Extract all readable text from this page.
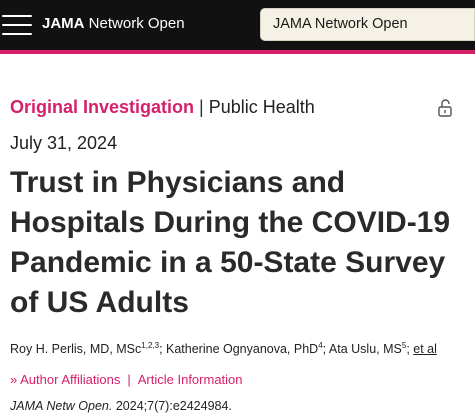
JAMA Network Open	JAMA Network Open
Original Investigation | Public Health
July 31, 2024
Trust in Physicians and Hospitals During the COVID-19 Pandemic in a 50-State Survey of US Adults
Roy H. Perlis, MD, MSc$^{1,2,3}$; Katherine Ognyanova, PhD$^4$; Ata Uslu, $MS^5$; et al
» Author Affiliations | Article Information
JAMA Netw Open. 2024;7(7):e2424984.
